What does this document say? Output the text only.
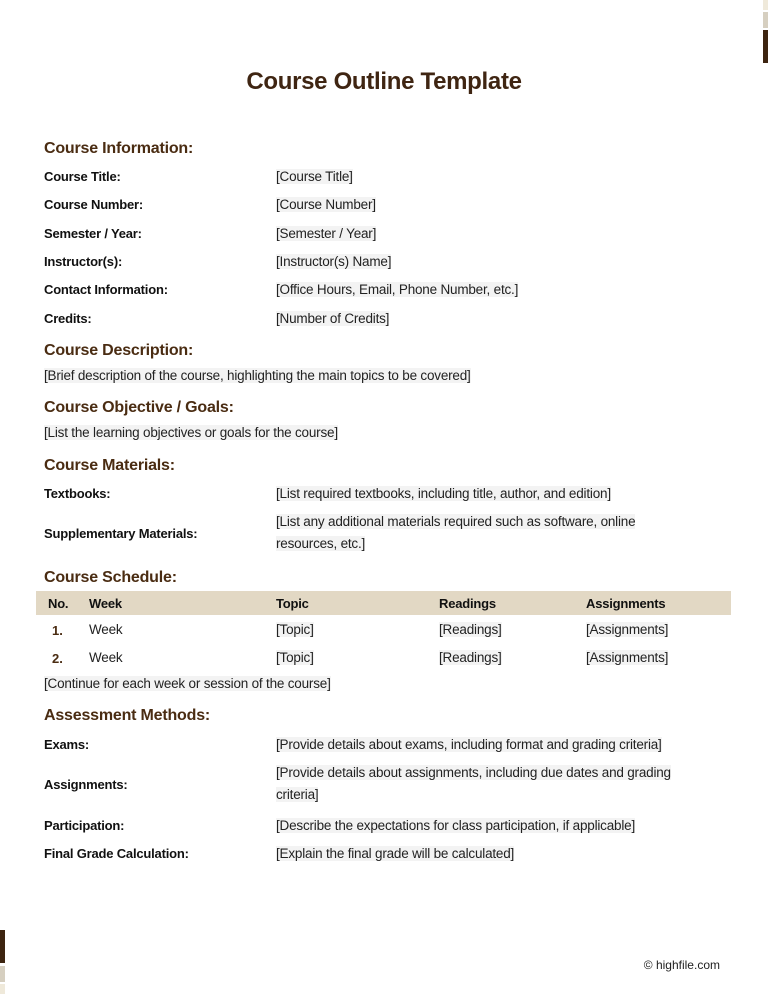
Course Outline Template
Course Information:
Course Title:	[Course Title]
Course Number:	[Course Number]
Semester / Year:	[Semester / Year]
Instructor(s):	[Instructor(s) Name]
Contact Information:	[Office Hours, Email, Phone Number, etc.]
Credits:	[Number of Credits]
Course Description:
[Brief description of the course, highlighting the main topics to be covered]
Course Objective / Goals:
[List the learning objectives or goals for the course]
Course Materials:
Textbooks:	[List required textbooks, including title, author, and edition]
Supplementary Materials:
[List any additional materials required such as software, online
resources, etc.]
Course Schedule:
No. Week	Topic	Readings	Assignments
1. Week	[Topic]	[Readings]	[Assignments]
2. Week	[Topic]	[Readings]	[Assignments]
[Continue for each week or session of the course]
Assessment Methods:
Exams:	[Provide details about exams, including format and grading criteria]
Assignments:
[Provide details about assignments, including due dates and grading
criteria]
Participation:	[Describe the expectations for class participation, if applicable]
Final Grade Calculation:	[Explain the final grade will be calculated]
© highfile.com
